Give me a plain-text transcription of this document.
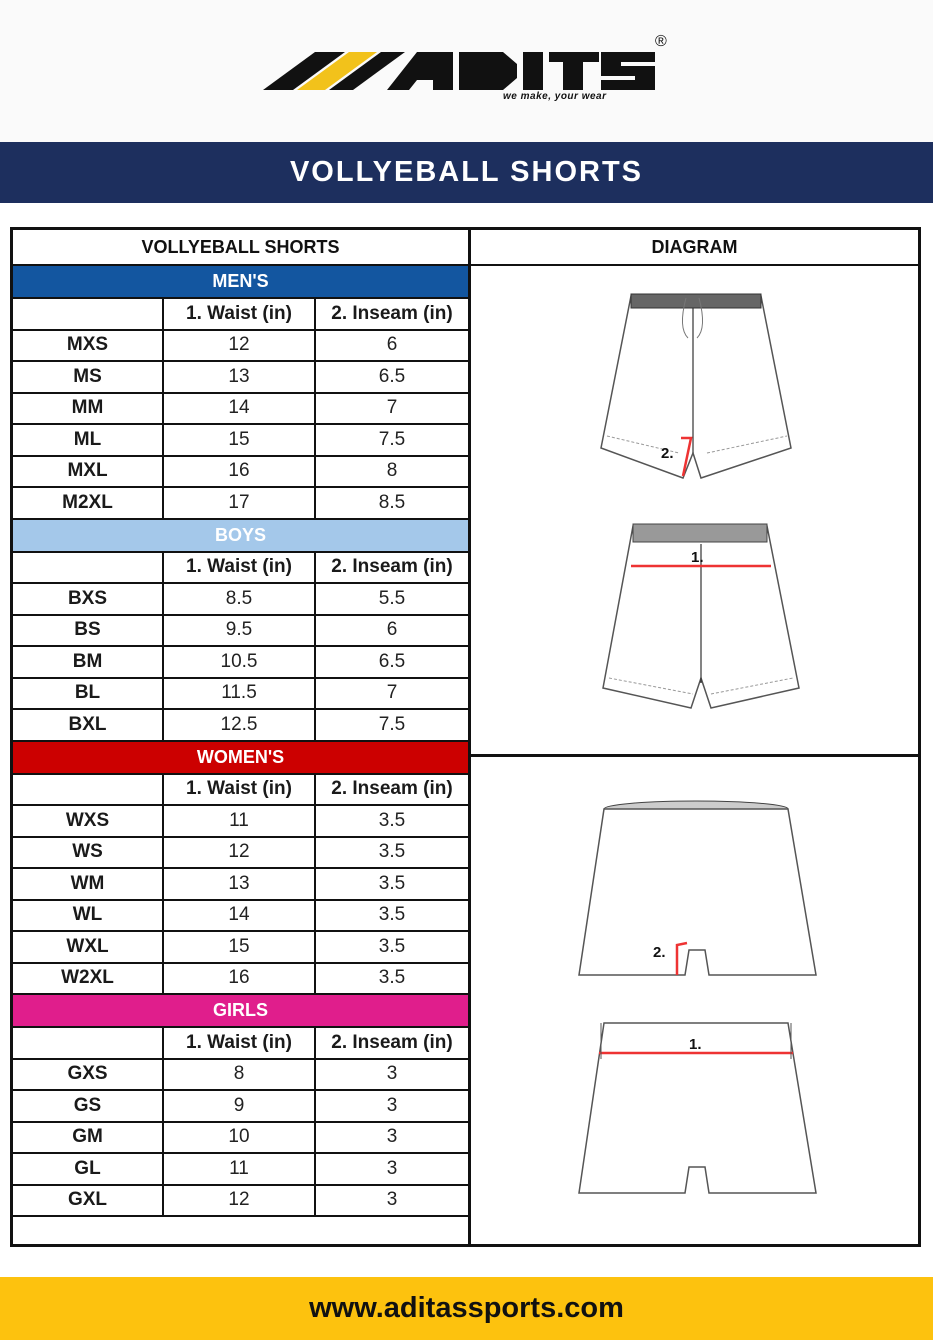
we make, your wear
®
VOLLYEBALL SHORTS
VOLLYEBALL SHORTS
MEN'S
1. Waist (in)	2. Inseam (in)
MXS	12	6
MS	13	6.5
MM	14	7
ML	15	7.5
MXL	16	8
M2XL	17	8.5
BOYS
1. Waist (in)	2. Inseam (in)
BXS	8.5	5.5
BS	9.5	6
BM	10.5	6.5
BL	11.5	7
BXL	12.5	7.5
WOMEN'S
1. Waist (in)	2. Inseam (in)
WXS	11	3.5
WS	12	3.5
WM	13	3.5
WL	14	3.5
WXL	15	3.5
W2XL	16	3.5
GIRLS
1. Waist (in)	2. Inseam (in)
GXS	8	3
GS	9	3
GM	10	3
GL	11	3
GXL	12	3
DIAGRAM
2.
1.
2.
1.
www.aditassports.com
